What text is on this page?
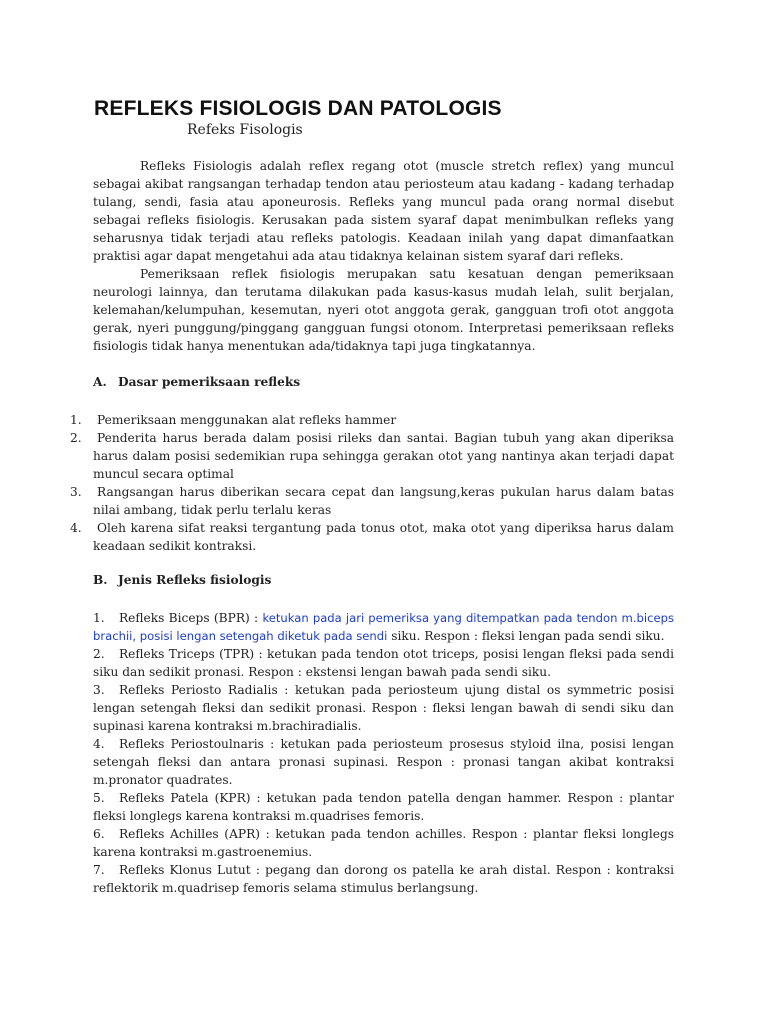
REFLEKS FISIOLOGIS DAN PATOLOGIS
Refeks Fisologis

Refleks Fisiologis adalah reflex regang otot (muscle stretch reflex) yang muncul sebagai akibat rangsangan terhadap tendon atau periosteum atau kadang - kadang terhadap tulang, sendi, fasia atau aponeurosis. Refleks yang muncul pada orang normal disebut sebagai refleks fisiologis. Kerusakan pada sistem syaraf dapat menimbulkan refleks yang seharusnya tidak terjadi atau refleks patologis. Keadaan inilah yang dapat dimanfaatkan praktisi agar dapat mengetahui ada atau tidaknya kelainan sistem syaraf dari refleks.

Pemeriksaan reflek fisiologis merupakan satu kesatuan dengan pemeriksaan neurologi lainnya, dan terutama dilakukan pada kasus-kasus mudah lelah, sulit berjalan, kelemahan/kelumpuhan, kesemutan, nyeri otot anggota gerak, gangguan trofi otot anggota gerak, nyeri punggung/pinggang gangguan fungsi otonom. Interpretasi pemeriksaan refleks fisiologis tidak hanya menentukan ada/tidaknya tapi juga tingkatannya.

A. Dasar pemeriksaan refleks
1.	Pemeriksaan menggunakan alat refleks hammer
2.	Penderita harus berada dalam posisi rileks dan santai. Bagian tubuh yang akan diperiksa harus dalam posisi sedemikian rupa sehingga gerakan otot yang nantinya akan terjadi dapat muncul secara optimal
3.	Rangsangan harus diberikan secara cepat dan langsung,keras pukulan harus dalam batas nilai ambang, tidak perlu terlalu keras
4.	Oleh karena sifat reaksi tergantung pada tonus otot, maka otot yang diperiksa harus dalam keadaan sedikit kontraksi.
B. Jenis Refleks fisiologis
1. Refleks Biceps (BPR) : ketukan pada jari pemeriksa yang ditempatkan pada tendon m.biceps brachii, posisi lengan setengah diketuk pada sendi siku. Respon : fleksi lengan pada sendi siku.
2. Refleks Triceps (TPR) : ketukan pada tendon otot triceps, posisi lengan fleksi pada sendi siku dan sedikit pronasi. Respon : ekstensi lengan bawah pada sendi siku.
3. Refleks Periosto Radialis : ketukan pada periosteum ujung distal os symmetric posisi lengan setengah fleksi dan sedikit pronasi. Respon : fleksi lengan bawah di sendi siku dan supinasi karena kontraksi m.brachiradialis.
4. Refleks Periostoulnaris : ketukan pada periosteum prosesus styloid ilna, posisi lengan setengah fleksi dan antara pronasi supinasi. Respon : pronasi tangan akibat kontraksi m.pronator quadrates.
5. Refleks Patela (KPR) : ketukan pada tendon patella dengan hammer. Respon : plantar fleksi longlegs karena kontraksi m.quadrises femoris.
6. Refleks Achilles (APR) : ketukan pada tendon achilles. Respon : plantar fleksi longlegs karena kontraksi m.gastroenemius.
7. Refleks Klonus Lutut : pegang dan dorong os patella ke arah distal. Respon : kontraksi reflektorik m.quadrisep femoris selama stimulus berlangsung.
